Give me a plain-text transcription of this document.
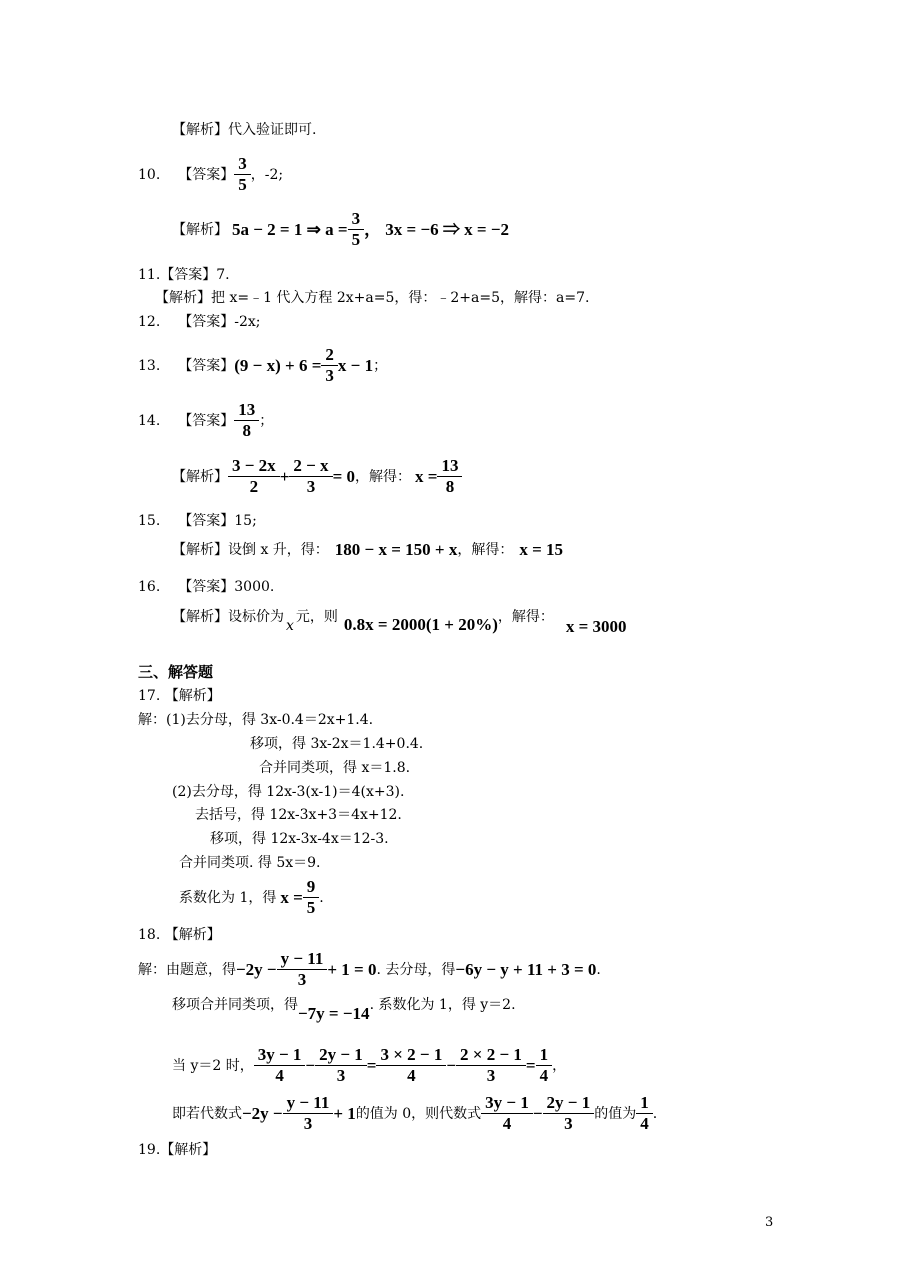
【解析】代入验证即可.
10. 【答案】 $\frac{3}{5}$ ，-2;
【解析】 5a − 2 = 1 ⇒ $a = \frac{3}{5}$ ， 3x = −6 ⇒ x = −2
11.【答案】7.
【解析】把 x=﹣1 代入方程 2x+a=5，得：﹣2+a=5，解得：a=7.
12. 【答案】-2x;
13. 【答案】 $(9 - x) + 6 = \frac{2}{3}$ x − 1 ；
14. 【答案】 $\frac{13}{8}$ ；
【解析】 $\frac{3 - 2x}{2} + \frac{2 - x}{3} = 0$ ，解得： $x = \frac{13}{8}$
15. 【答案】15;
【解析】设倒 x 升，得： 180 − x = 150 + x ，解得： x = 15
16. 【答案】3000.
【解析】设标价为
x
元，则 0.8x = 2000(1 + 20%) ，解得： x = 3000
三、解答题
17. 【解析】
解：(1)去分母，得 3x-0.4＝2x+1.4.
移项，得 3x-2x＝1.4+0.4.
合并同类项，得 x＝1.8.
(2)去分母，得 12x-3(x-1)＝4(x+3).
去括号，得 12x-3x+3＝4x+12.
移项，得 12x-3x-4x＝12-3.
合并同类项. 得 5x＝9.
系数化为 1，得 $x = \frac{9}{5}$ .
18. 【解析】
解：由题意，得 $-2y - \frac{y - 11}{3} + 1 = 0$ . 去分母，得 −6y − y + 11 + 3 = 0 .
移项合并同类项，得 −7y = −14 . 系数化为 1，得 y＝2.
当 y＝2 时， $\frac{3y - 1}{4} - \frac{2y - 1}{3} = \frac{3 \times 2 - 1}{4} - \frac{2 \times 2 - 1}{3} = \frac{1}{4}$ ，
即若代数式 $-2y - \frac{y - 11}{3} + 1$ 的值为 0，则代数式 $\frac{3y - 1}{4} - \frac{2y - 1}{3}$ 的值为 $\frac{1}{4}$ .
19.【解析】
3
